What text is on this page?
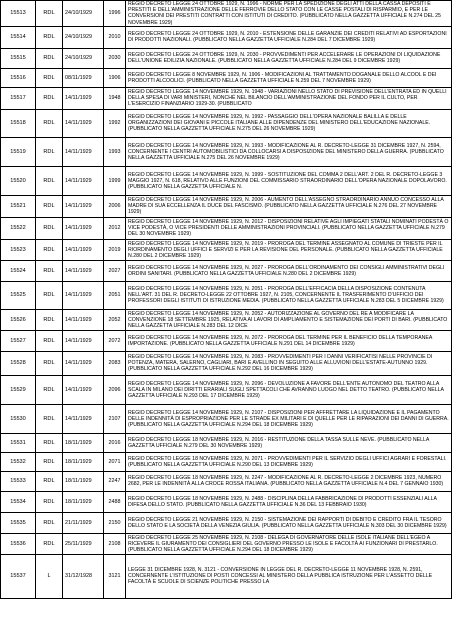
15513	RDL	24/10/1929	1996	REGIO DECRETO LEGGE 24 OTTOBRE 1929, N. 1996 - NORME PER LA SPEDIZIONE DEGLI ATTI DELLA CASSA DEPOSITI E PRESTITI E DELL'AMMINISTRAZIONE DELLE FERROVIE DELLO STATO CON LE CASSE POSTALI DI RISPARMIO, E PER LE CONVERSIONI DEI PRESTITI CONTRATTI CON ISTITUTI DI CREDITO. (PUBBLICATO NELLA GAZZETTA UFFICIALE N.274 DEL 25 NOVEMBRE 1929)
15514	RDL	24/10/1929	2010	REGIO DECRETO LEGGE 24 OTTOBRE 1929, N. 2010 - ESTENSIONE DELLE GARANZIE DEI CREDITI RELATIVI AD ESPORTAZIONI DI PRODOTTI NAZIONALI. (PUBBLICATO NELLA GAZZETTA UFFICIALE N.284 DEL 7 DICEMBRE 1929)
15515	RDL	24/10/1929	2030	REGIO DECRETO LEGGE 24 OTTOBRE 1929, N. 2030 - PROVVEDIMENTI PER ACCELERARE LE OPERAZIONI DI LIQUIDAZIONE DELL'UNIONE EDILIZIA NAZIONALE. (PUBBLICATO NELLA GAZZETTA UFFICIALE N.284 DEL 9 DICEMBRE 1929)
15516	RDL	08/11/1929	1906	REGIO DECRETO LEGGE 8 NOVEMBRE 1929, N. 1906 - MODIFICAZIONI AL TRATTAMENTO DOGANALE DELLO ALCOOL E DEI PRODOTTI ALCOOLICI. (PUBBLICATO NELLA GAZZETTA UFFICIALE N.259 DEL 7 NOVEMBRE 1929)
15517	RDL	14/11/1929	1948	REGIO DECRETO LEGGE 14 NOVEMBRE 1929, N. 1948 - VARIAZIONI NELLO STATO DI PREVISIONE DELL'ENTRATA ED IN QUELLI DELLA SPESA DI VARI MINISTERI, NONCHÉ NEL BILANCIO DELL'AMMINISTRAZIONE DEL FONDO PER IL CULTO, PER L'ESERCIZIO FINANZIARIO 1929-30. (PUBBLICATO
15518	RDL	14/11/1929	1992	REGIO DECRETO LEGGE 14 NOVEMBRE 1929, N. 1992 - PASSAGGIO DELL'OPERA NAZIONALE BALILLA E DELLE ORGANIZZAZIONI DEI GIOVANI E PICCOLE ITALIANE ALLE DIPENDENZE DEL MINISTERO DELL'EDUCAZIONE NAZIONALE. (PUBBLICATO NELLA GAZZETTA UFFICIALE N.275 DEL 26 NOVEMBRE 1929)
15519	RDL	14/11/1929	1993	REGIO DECRETO LEGGE 14 NOVEMBRE 1929, N. 1993 - MODIFICAZIONE AL R. DECRETO-LEGGE 31 DICEMBRE 1927, N. 2594, CONCERNENTE I CENTRI AUTOMOBILISTICI DA COLLOCARSI A DISPOSIZIONE DEL MINISTERO DELLA GUERRA. (PUBBLICATO NELLA GAZZETTA UFFICIALE N.275 DEL 26 NOVEMBRE 1929)
15520	RDL	14/11/1929	1999	REGIO DECRETO LEGGE 14 NOVEMBRE 1929, N. 1999 - SOSTITUZIONE DEL COMMA 2 DELL'ART. 2 DEL R. DECRETO-LEGGE 3 MAGGIO 1927, N. 618, RELATIVO ALLE FUNZIONI DEL COMMISSARIO STRAORDINARIO DELL'OPERA NAZIONALE DOPOLAVORO. (PUBBLICATO NELLA GAZZETTA UFFICIALE N.
15521	RDL	14/11/1929	2006	REGIO DECRETO LEGGE 14 NOVEMBRE 1929, N. 2006 - AUMENTO DELL'ASSEGNO STRAORDINARIO ANNUO CONCESSO ALLA MADRE DI SUA ECCELLENZA IL DUCE DEL FASCISMO. (PUBBLICATO NELLA GAZZETTA UFFICIALE N.276 DEL 27 NOVEMBRE 1929)
15522	RDL	14/11/1929	2012	REGIO DECRETO LEGGE 14 NOVEMBRE 1929, N. 2012 - DISPOSIZIONI RELATIVE AGLI IMPIEGATI STATALI NOMINATI PODESTÀ O VICE PODESTÀ, O VICE PRESIDENTI DELLE AMMINISTRAZIONI PROVINCIALI. (PUBBLICATO NELLA GAZZETTA UFFICIALE N.279 DEL 30 NOVEMBRE 1929)
15523	RDL	14/11/1929	2019	REGIO DECRETO LEGGE 14 NOVEMBRE 1929, N. 2019 - PROROGA DEL TERMINE ASSEGNATO AL COMUNE DI TRIESTE PER IL RIORDINAMENTO DEGLI UFFICI E SERVIZI E PER LA REVISIONE DEL PERSONALE. (PUBBLICATO NELLA GAZZETTA UFFICIALE N.280 DEL 2 DICEMBRE 1929)
15524	RDL	14/11/1929	2027	REGIO DECRETO LEGGE 14 NOVEMBRE 1929, N. 2027 - PROROGA DELL'ORDINAMENTO DEI CONSIGLI AMMINISTRATIVI DEGLI ORDINI SANITARI. (PUBBLICATO NELLA GAZZETTA UFFICIALE N.280 DEL 2 DICEMBRE 1929)
15525	RDL	14/11/1929	2051	REGIO DECRETO LEGGE 14 NOVEMBRE 1929, N. 2051 - PROROGA DELL'EFFICACIA DELLA DISPOSIZIONE CONTENUTA NELL'ART. 31 DEL R. DECRETO-LEGGE 22 OTTOBRE 1927, N. 2105, CONCERNENTE IL TRASFERIMENTO D'UFFICIO DEI PROFESSORI DEGLI ISTITUTI DI ISTRUZIONE MEDIA. (PUBBLICATO NELLA GAZZETTA UFFICIALE N.283 DEL 5 DICEMBRE 1929)
15526	RDL	14/11/1929	2052	REGIO DECRETO LEGGE 14 NOVEMBRE 1929, N. 2052 - AUTORIZZAZIONE AL GOVERNO DEL RE A MODIFICARE LA CONVENZIONE 18 SETTEMBRE 1925, RELATIVA AI LAVORI DI AMPLIAMENTO E SISTEMAZIONE DEI PORTI DI BARI. (PUBBLICATO NELLA GAZZETTA UFFICIALE N.283 DEL 12 DICE
15527	RDL	14/11/1929	2072	REGIO DECRETO LEGGE 14 NOVEMBRE 1929, N. 2072 - PROROGA DEL TERMINE PER IL BENEFICIO DELLA TEMPORANEA IMPORTAZIONE. (PUBBLICATO NELLA GAZZETTA UFFICIALE N.291 DEL 14 DICEMBRE 1929)
15528	RDL	14/11/1929	2083	REGIO DECRETO LEGGE 14 NOVEMBRE 1929, N. 2083 - PROVVEDIMENTI PER I DANNI VERIFICATISI NELLE PROVINCIE DI POTENZA, MATERA, SALERNO, CAGLIARI, BARI E AVELLINO IN SEGUITO ALLE ALLUVIONI DELL'ESTATE-AUTUNNO 1929. (PUBBLICATO NELLA GAZZETTA UFFICIALE N.292 DEL 16 DICEMBRE 1929)
15529	RDL	14/11/1929	2096	REGIO DECRETO LEGGE 14 NOVEMBRE 1929, N. 2096 - DEVOLUZIONE A FAVORE DELL'ENTE AUTONOMO DEL TEATRO ALLA SCALA IN MILANO DEI DIRITTI ERARIALI SUGLI SPETTACOLI CHE AVRANNO LUOGO NEL DETTO TEATRO. (PUBBLICATO NELLA GAZZETTA UFFICIALE N.293 DEL 17 DICEMBRE 1929)
15530	RDL	14/11/1929	2107	REGIO DECRETO LEGGE 14 NOVEMBRE 1929, N. 2107 - DISPOSIZIONI PER AFFRETTARE LA LIQUIDAZIONE E IL PAGAMENTO DELLE INDENNITÀ DI ESPROPRIAZIONE PER LE STRADE EX MILITARI E DI QUELLE PER LE RIPARAZIONI DEI DANNI DI GUERRA. (PUBBLICATO NELLA GAZZETTA UFFICIALE N.294 DEL 18 DICEMBRE 1929)
15531	RDL	18/11/1929	2016	REGIO DECRETO LEGGE 18 NOVEMBRE 1929, N. 2016 - RESTITUZIONE DELLA TASSA SULLE NEVE. (PUBBLICATO NELLA GAZZETTA UFFICIALE N.279 DEL 30 NOVEMBRE 1929)
15532	RDL	18/11/1929	2071	REGIO DECRETO LEGGE 18 NOVEMBRE 1929, N. 2071 - PROVVEDIMENTI PER IL SERVIZIO DEGLI UFFICI AGRARI E FORESTALI. (PUBBLICATO NELLA GAZZETTA UFFICIALE N.290 DEL 13 DICEMBRE 1929)
15533	RDL	18/11/1929	2247	REGIO DECRETO LEGGE 18 NOVEMBRE 1929, N. 2247 - MODIFICAZIONE AL R. DECRETO-LEGGE 2 DICEMBRE 1923, NUMERO 2682, PER LE INDENNITÀ ALLA CROCE ROSSA ITALIANA. (PUBBLICATO NELLA GAZZETTA UFFICIALE N.4 DEL 7 GENNAIO 1930)
15534	RDL	18/11/1929	2488	REGIO DECRETO LEGGE 18 NOVEMBRE 1929, N. 2488 - DISCIPLINA DELLA FABBRICAZIONE DI PRODOTTI ESSENZIALI ALLA DIFESA DELLO STATO. (PUBBLICATO NELLA GAZZETTA UFFICIALE N.36 DEL 13 FEBBRAIO 1930)
15535	RDL	21/11/1929	2150	REGIO DECRETO LEGGE 21 NOVEMBRE 1929, N. 2150 - SISTEMAZIONE DEI RAPPORTI DI DEBITO E CREDITO FRA IL TESORO DELLO STATO E LA SOCIETÀ DELLA VENEZIA GIULIA. (PUBBLICATO NELLA GAZZETTA UFFICIALE N.303 DEL 30 DICEMBRE 1929)
15536	RDL	25/11/1929	2108	REGIO DECRETO LEGGE 25 NOVEMBRE 1929, N. 2108 - DELEGA DI GOVERNATORE DELLE ISOLE ITALIANE DELL'EGEO A RICEVERE IL GIURAMENTO DEI CONSIGLIERI DEL GOVERNO PRESSO LE ISOLE E FACOLTÀ AI FUNZIONARI DI PRESTARLO. (PUBBLICATO NELLA GAZZETTA UFFICIALE N.294 DEL 18 DICEMBRE 1929)
15537	L	31/12/1928	3121	LEGGE 31 DICEMBRE 1928, N. 3121 - CONVERSIONE IN LEGGE DEL R. DECRETO-LEGGE 11 NOVEMBRE 1928, N. 2591, CONCERNENTE L'ISTITUZIONE DI POSTI CONCESSI AL MINISTERO DELLA PUBBLICA ISTRUZIONE PER L'ASSETTO DELLE FACOLTÀ E SCUOLE DI SCIENZE POLITICHE PRESSO LA
